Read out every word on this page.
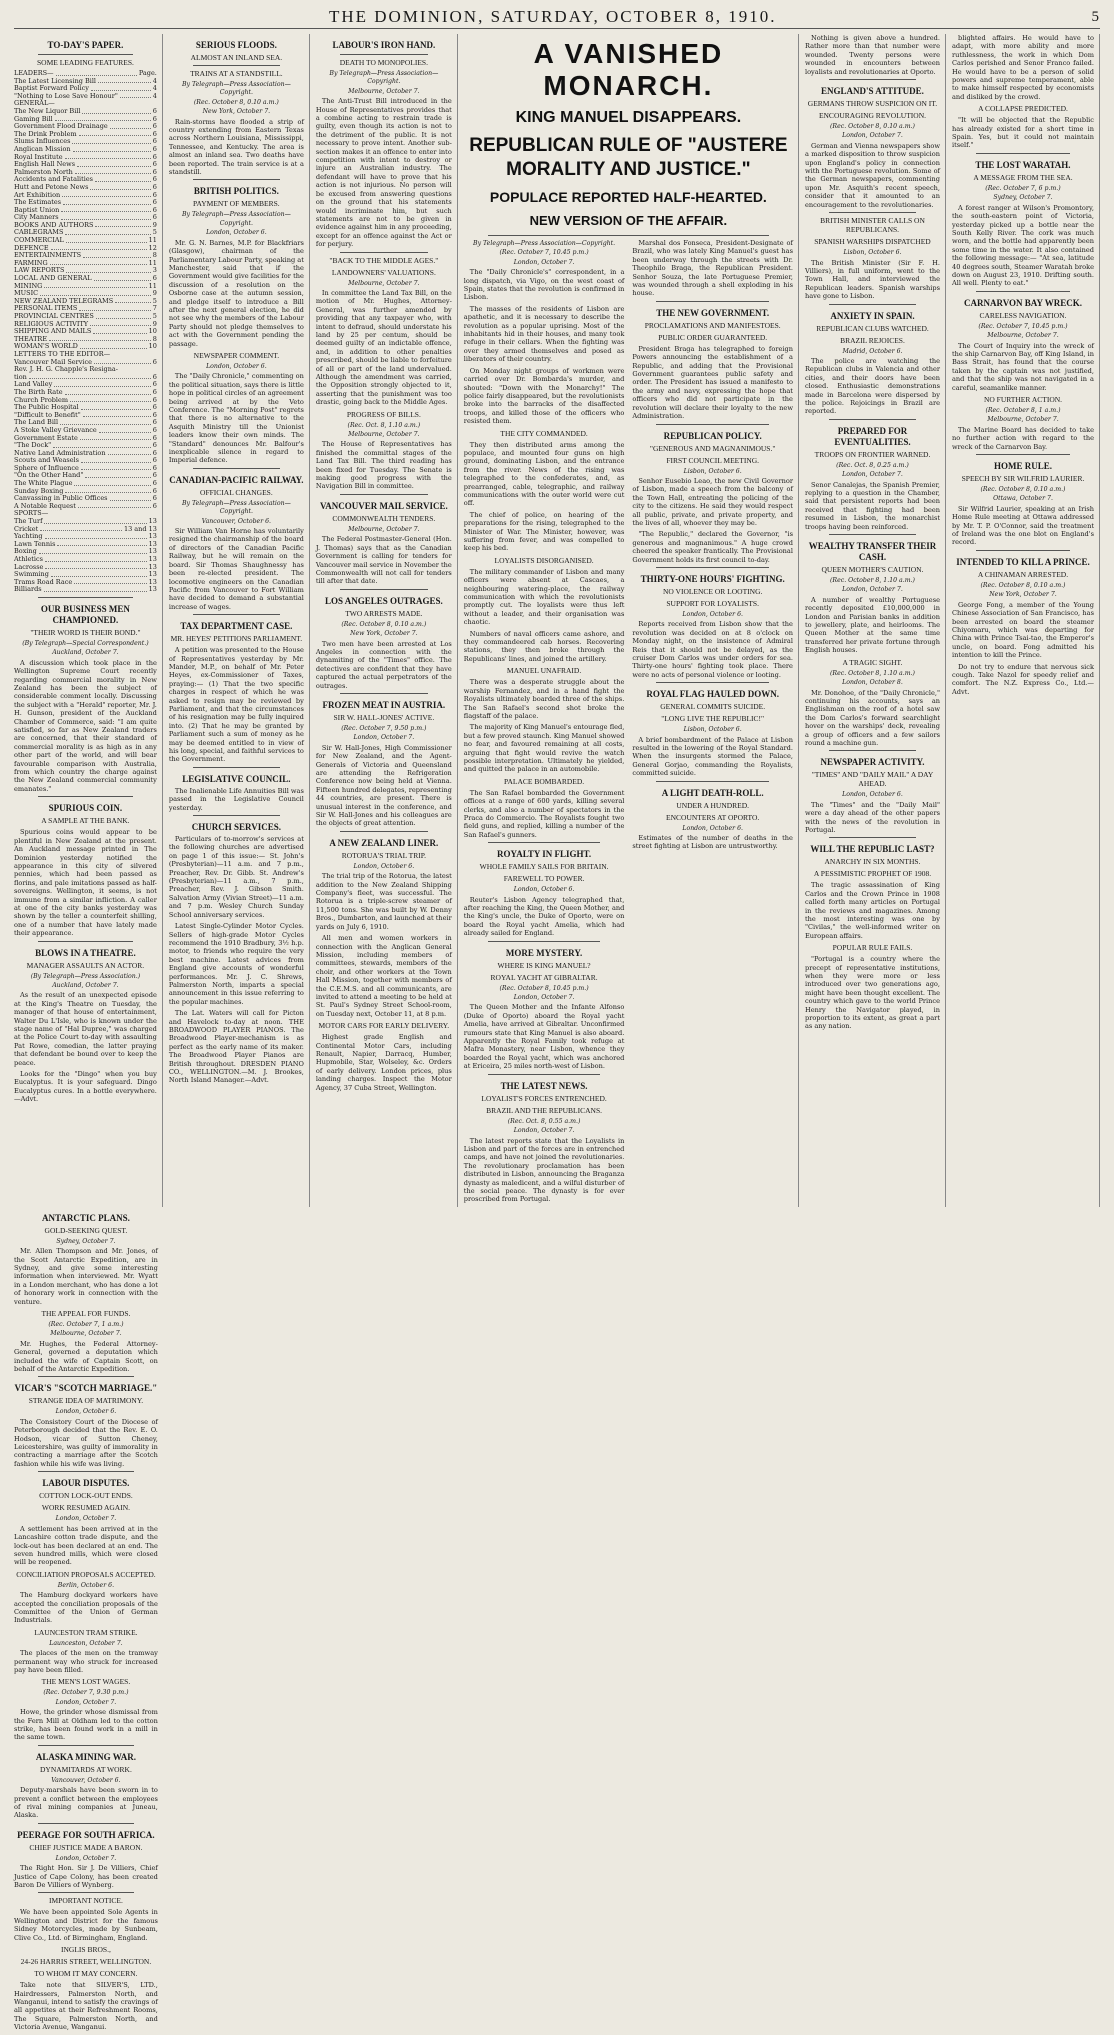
THE DOMINION, SATURDAY, OCTOBER 8, 1910.	5
TO-DAY'S PAPER.
SOME LEADING FEATURES.
LEADERS—	Page.
The Latest Licensing Bill	4
Baptist Forward Policy	4
"Nothing to Lose Save Honour"	4
GENERAL—
The New Liquor Bill	6
Gaming Bill	6
Government Flood Drainage	6
The Drink Problem	6
Slums Influences	6
Anglican Mission	6
Royal Institute	6
English Hall News	6
Palmerston North	6
Accidents and Fatalities	6
Hutt and Petone News	6
Art Exhibition	6
The Estimates	6
Baptist Union	6
City Manners	6
BOOKS AND AUTHORS	9
CABLEGRAMS	5
COMMERCIAL	11
DEFENCE	12
ENTERTAINMENTS	8
FARMING	11
LAW REPORTS	3
LOCAL AND GENERAL	6
MINING	11
MUSIC	9
NEW ZEALAND TELEGRAMS	5
PERSONAL ITEMS	7
PROVINCIAL CENTRES	5
RELIGIOUS ACTIVITY	9
SHIPPING AND MAILS	10
THEATRE	8
WOMAN'S WORLD	10
LETTERS TO THE EDITOR—
Vancouver Mail Service	6
Rev. J. H. G. Chapple's Resigna-
tion	6
Land Valley	6
The Birth Rate	6
Church Problem	6
The Public Hospital	6
"Difficult to Benefit"	6
The Land Bill	6
A Stoke Valley Grievance	6
Government Estate	6
"The Dock"	6
Native Land Administration	6
Scouts and Weasels	6
Sphere of Influence	6
"On the Other Hand"	6
The White Plague	6
Sunday Boxing	6
Canvassing in Public Offices	6
A Notable Request	6
SPORTS—
The Turf	13
Cricket	13 and 13
Yachting	13
Lawn Tennis	13
Boxing	13
Athletics	13
Lacrosse	13
Swimming	13
Trams Road Race	13
Billiards	13
OUR BUSINESS MEN CHAMPIONED.
"THEIR WORD IS THEIR BOND."
(By Telegraph—Special Correspondent.)
Auckland, October 7.

A discussion which took place in the Wellington Supreme Court recently regarding commercial morality in New Zealand has been the subject of considerable comment locally. Discussing the subject with a "Herald" reporter, Mr. J. H. Gunson, president of the Auckland Chamber of Commerce, said: "I am quite satisfied, so far as New Zealand traders are concerned, that their standard of commercial morality is as high as in any other part of the world, and will bear favourable comparison with Australia, from which country the charge against the New Zealand commercial community emanates."

SPURIOUS COIN.
A SAMPLE AT THE BANK.

Spurious coins would appear to be plentiful in New Zealand at the present. An Auckland message printed in The Dominion yesterday notified the appearance in this city of silvered pennies, which had been passed as florins, and pale imitations passed as half-sovereigns. Wellington, it seems, is not immune from a similar infliction. A caller at one of the city banks yesterday was shown by the teller a counterfeit shilling, one of a number that have lately made their appearance.

BLOWS IN A THEATRE.
MANAGER ASSAULTS AN ACTOR.
(By Telegraph—Press Association.)
Auckland, October 7.

As the result of an unexpected episode at the King's Theatre on Tuesday, the manager of that house of entertainment, Walter Du L'Isle, who is known under the stage name of "Hal Dupree," was charged at the Police Court to-day with assaulting Pat Rowe, comedian, the latter praying that defendant be bound over to keep the peace.

Looks for the "Dingo" when you buy Eucalyptus. It is your safeguard. Dingo Eucalyptus cures. In a bottle everywhere.—Advt.

SERIOUS FLOODS.
ALMOST AN INLAND SEA.
TRAINS AT A STANDSTILL.
By Telegraph—Press Association—Copyright.
(Rec. October 8, 0.10 a.m.)
New York, October 7.

Rain-storms have flooded a strip of country extending from Eastern Texas across Northern Louisiana, Mississippi, Tennessee, and Kentucky. The area is almost an inland sea. Two deaths have been reported. The train service is at a standstill.

BRITISH POLITICS.
PAYMENT OF MEMBERS.
By Telegraph—Press Association—Copyright.
London, October 6.

Mr. G. N. Barnes, M.P. for Blackfriars (Glasgow), chairman of the Parliamentary Labour Party, speaking at Manchester, said that if the Government would give facilities for the discussion of a resolution on the Osborne case at the autumn session, and pledge itself to introduce a Bill after the next general election, he did not see why the members of the Labour Party should not pledge themselves to act with the Government pending the passage.

NEWSPAPER COMMENT.
London, October 6.

The "Daily Chronicle," commenting on the political situation, says there is little hope in political circles of an agreement being arrived at by the Veto Conference. The "Morning Post" regrets that there is no alternative to the Asquith Ministry till the Unionist leaders know their own minds. The "Standard" denounces Mr. Balfour's inexplicable silence in regard to Imperial defence.

CANADIAN-PACIFIC RAILWAY.
OFFICIAL CHANGES.
By Telegraph—Press Association—Copyright.
Vancouver, October 6.

Sir William Van Horne has voluntarily resigned the chairmanship of the board of directors of the Canadian Pacific Railway, but he will remain on the board. Sir Thomas Shaughnessy has been re-elected president. The locomotive engineers on the Canadian Pacific from Vancouver to Fort William have decided to demand a substantial increase of wages.

TAX DEPARTMENT CASE.
MR. HEYES' PETITIONS PARLIAMENT.

A petition was presented to the House of Representatives yesterday by Mr. Mander, M.P., on behalf of Mr. Peter Heyes, ex-Commissioner of Taxes, praying:— (1) That the two specific charges in respect of which he was asked to resign may be reviewed by Parliament, and that the circumstances of his resignation may be fully inquired into. (2) That he may be granted by Parliament such a sum of money as he may be deemed entitled to in view of his long, special, and faithful services to the Government.

LEGISLATIVE COUNCIL.

The Inalienable Life Annuities Bill was passed in the Legislative Council yesterday.

CHURCH SERVICES.

Particulars of to-morrow's services at the following churches are advertised on page 1 of this issue:— St. John's (Presbyterian)—11 a.m. and 7 p.m., Preacher, Rev. Dr. Gibb. St. Andrew's (Presbyterian)—11 a.m., 7 p.m., Preacher, Rev. J. Gibson Smith. Salvation Army (Vivian Street)—11 a.m. and 7 p.m. Wesley Church Sunday School anniversary services.

Latest Single-Cylinder Motor Cycles. Sellers of high-grade Motor Cycles recommend the 1910 Bradbury, 3½ h.p. motor, to friends who require the very best machine. Latest advices from England give accounts of wonderful performances. Mr. J. C. Shrews, Palmerston North, imparts a special announcement in this issue referring to the popular machines.

The Lat. Waters will call for Picton and Havelock to-day at noon. THE BROADWOOD PLAYER PIANOS. The Broadwood Player-mechanism is as perfect as the early name of its maker. The Broadwood Player Pianos are British throughout. DRESDEN PIANO CO., WELLINGTON.—M. J. Brookes, North Island Manager.—Advt.

LABOUR'S IRON HAND.
DEATH TO MONOPOLIES.
By Telegraph—Press Association—Copyright.
Melbourne, October 7.

The Anti-Trust Bill introduced in the House of Representatives provides that a combine acting to restrain trade is guilty, even though its action is not to the detriment of the public. It is not necessary to prove intent. Another sub-section makes it an offence to enter into competition with intent to destroy or injure an Australian industry. The defendant will have to prove that his action is not injurious. No person will be excused from answering questions on the ground that his statements would incriminate him, but such statements are not to be given in evidence against him in any proceeding, except for an offence against the Act or for perjury.

"BACK TO THE MIDDLE AGES."
LANDOWNERS' VALUATIONS.
Melbourne, October 7.

In committee the Land Tax Bill, on the motion of Mr. Hughes, Attorney-General, was further amended by providing that any taxpayer who, with intent to defraud, should understate his land by 25 per centum, should be deemed guilty of an indictable offence, and, in addition to other penalties prescribed, should be liable to forfeiture of all or part of the land undervalued. Although the amendment was carried, the Opposition strongly objected to it, asserting that the punishment was too drastic, going back to the Middle Ages.

PROGRESS OF BILLS.
(Rec. Oct. 8, 1.10 a.m.)
Melbourne, October 7.

The House of Representatives has finished the committal stages of the Land Tax Bill. The third reading has been fixed for Tuesday. The Senate is making good progress with the Navigation Bill in committee.

VANCOUVER MAIL SERVICE.
COMMONWEALTH TENDERS.
Melbourne, October 7.

The Federal Postmaster-General (Hon. J. Thomas) says that as the Canadian Government is calling for tenders for Vancouver mail service in November the Commonwealth will not call for tenders till after that date.

LOS ANGELES OUTRAGES.
TWO ARRESTS MADE.
(Rec. October 8, 0.10 a.m.)
New York, October 7.

Two men have been arrested at Los Angeles in connection with the dynamiting of the "Times" office. The detectives are confident that they have captured the actual perpetrators of the outrages.

FROZEN MEAT IN AUSTRIA.
SIR W. HALL-JONES' ACTIVE.
(Rec. October 7, 9.50 p.m.)
London, October 7.

Sir W. Hall-Jones, High Commissioner for New Zealand, and the Agent-Generals of Victoria and Queensland are attending the Refrigeration Conference now being held at Vienna. Fifteen hundred delegates, representing 44 countries, are present. There is unusual interest in the conference, and Sir W. Hall-Jones and his colleagues are the objects of great attention.

A NEW ZEALAND LINER.
ROTORUA'S TRIAL TRIP.
London, October 6.

The trial trip of the Rotorua, the latest addition to the New Zealand Shipping Company's fleet, was successful. The Rotorua is a triple-screw steamer of 11,500 tons. She was built by W. Denny Bros., Dumbarton, and launched at their yards on July 6, 1910.

All men and women workers in connection with the Anglican General Mission, including members of committees, stewards, members of the choir, and other workers at the Town Hall Mission, together with members of the C.E.M.S. and all communicants, are invited to attend a meeting to be held at St. Paul's Sydney Street School-room, on Tuesday next, October 11, at 8 p.m.

MOTOR CARS FOR EARLY DELIVERY.

Highest grade English and Continental Motor Cars, including Renault, Napier, Darracq, Humber, Hupmobile, Star, Wolseley, &c. Orders of early delivery. London prices, plus landing charges. Inspect the Motor Agency, 37 Cuba Street, Wellington.

A VANISHED MONARCH.
KING MANUEL DISAPPEARS.
REPUBLICAN RULE OF "AUSTERE MORALITY AND JUSTICE."
POPULACE REPORTED HALF-HEARTED.
NEW VERSION OF THE AFFAIR.
By Telegraph—Press Association—Copyright.
(Rec. October 7, 10.45 p.m.)
London, October 7.

The "Daily Chronicle's" correspondent, in a long dispatch, via Vigo, on the west coast of Spain, states that the revolution is confirmed in Lisbon.

The masses of the residents of Lisbon are apathetic, and it is necessary to describe the revolution as a popular uprising. Most of the inhabitants hid in their houses, and many took refuge in their cellars. When the fighting was over they armed themselves and posed as liberators of their country.

On Monday night groups of workmen were carried over Dr. Bombarda's murder, and shouted: "Down with the Monarchy!" The police fairly disappeared, but the revolutionists broke into the barracks of the disaffected troops, and killed those of the officers who resisted them.

THE CITY COMMANDED.

They then distributed arms among the populace, and mounted four guns on high ground, dominating Lisbon, and the entrance from the river. News of the rising was telegraphed to the confederates, and, as prearranged, cable, telegraphic, and railway communications with the outer world were cut off.

The chief of police, on hearing of the preparations for the rising, telegraphed to the Minister of War. The Minister, however, was suffering from fever, and was compelled to keep his bed.

LOYALISTS DISORGANISED.

The military commander of Lisbon and many officers were absent at Cascaes, a neighbouring watering-place, the railway communication with which the revolutionists promptly cut. The loyalists were thus left without a leader, and their organisation was chaotic.

Numbers of naval officers came ashore, and they commandeered cab horses. Recovering stations, they then broke through the Republicans' lines, and joined the artillery.

MANUEL UNAFRAID.

There was a desperate struggle about the warship Fernandez, and in a hand fight the Royalists ultimately boarded three of the ships. The San Rafael's second shot broke the flagstaff of the palace.

The majority of King Manuel's entourage fled, but a few proved staunch. King Manuel showed no fear, and favoured remaining at all costs, arguing that fight would revive the watch possible interpretation. Ultimately he yielded, and quitted the palace in an automobile.

PALACE BOMBARDED.

The San Rafael bombarded the Government offices at a range of 600 yards, killing several clerks, and also a number of spectators in the Praca do Commercio. The Royalists fought two field guns, and replied, killing a number of the San Rafael's gunners.

ROYALTY IN FLIGHT.
WHOLE FAMILY SAILS FOR BRITAIN.
FAREWELL TO POWER.
London, October 6.

Reuter's Lisbon Agency telegraphed that, after reaching the King, the Queen Mother, and the King's uncle, the Duke of Oporto, were on board the Royal yacht Amelia, which had already sailed for England.

MORE MYSTERY.
WHERE IS KING MANUEL?
ROYAL YACHT AT GIBRALTAR.
(Rec. October 8, 10.45 p.m.)
London, October 7.

The Queen Mother and the Infante Alfonso (Duke of Oporto) aboard the Royal yacht Amelia, have arrived at Gibraltar. Unconfirmed rumours state that King Manuel is also aboard. Apparently the Royal Family took refuge at Mafra Monastery, near Lisbon, whence they boarded the Royal yacht, which was anchored at Ericeira, 25 miles north-west of Lisbon.

THE LATEST NEWS.
LOYALIST'S FORCES ENTRENCHED.
BRAZIL AND THE REPUBLICANS.
(Rec. Oct. 8, 0.55 a.m.)
London, October 7.

The latest reports state that the Loyalists in Lisbon and part of the forces are in entrenched camps, and have not joined the revolutionaries. The revolutionary proclamation has been distributed in Lisbon, announcing the Braganza dynasty as maledicent, and a wilful disturber of the social peace. The dynasty is for ever proscribed from Portugal.

Marshal dos Fonseca, President-Designate of Brazil, who was lately King Manuel's guest has been underway through the streets with Dr. Theophilo Braga, the Republican President. Senhor Souza, the late Portuguese Premier, was wounded through a shell exploding in his house.

THE NEW GOVERNMENT.
PROCLAMATIONS AND MANIFESTOES.
PUBLIC ORDER GUARANTEED.

President Braga has telegraphed to foreign Powers announcing the establishment of a Republic, and adding that the Provisional Government guarantees public safety and order. The President has issued a manifesto to the army and navy, expressing the hope that officers who did not participate in the revolution will declare their loyalty to the new Administration.

REPUBLICAN POLICY.
"GENEROUS AND MAGNANIMOUS."
FIRST COUNCIL MEETING.
Lisbon, October 6.

Senhor Eusebio Leao, the new Civil Governor of Lisbon, made a speech from the balcony of the Town Hall, entreating the policing of the city to the citizens. He said they would respect all public, private, and private property, and the lives of all, whoever they may be.

"The Republic," declared the Governor, "is generous and magnanimous." A huge crowd cheered the speaker frantically. The Provisional Government holds its first council to-day.

THIRTY-ONE HOURS' FIGHTING.
NO VIOLENCE OR LOOTING.
SUPPORT FOR LOYALISTS.
London, October 6.

Reports received from Lisbon show that the revolution was decided on at 8 o'clock on Monday night, on the insistence of Admiral Reis that it should not be delayed, as the cruiser Dom Carlos was under orders for sea. Thirty-one hours' fighting took place. There were no acts of personal violence or looting.

ROYAL FLAG HAULED DOWN.
GENERAL COMMITS SUICIDE.
"LONG LIVE THE REPUBLIC!"
Lisbon, October 6.

A brief bombardment of the Palace at Lisbon resulted in the lowering of the Royal Standard. When the insurgents stormed the Palace, General Gorjao, commanding the Royalists, committed suicide.

A LIGHT DEATH-ROLL.
UNDER A HUNDRED.
ENCOUNTERS AT OPORTO.
London, October 6.

Estimates of the number of deaths in the street fighting at Lisbon are untrustworthy.

Nothing is given above a hundred. Rather more than that number were wounded. Twenty persons were wounded in encounters between loyalists and revolutionaries at Oporto.

ENGLAND'S ATTITUDE.
GERMANS THROW SUSPICION ON IT.
ENCOURAGING REVOLUTION.
(Rec. October 8, 0.10 a.m.)
London, October 7.

German and Vienna newspapers show a marked disposition to throw suspicion upon England's policy in connection with the Portuguese revolution. Some of the German newspapers, commenting upon Mr. Asquith's recent speech, consider that it amounted to an encouragement to the revolutionaries.

BRITISH MINISTER CALLS ON REPUBLICANS.
SPANISH WARSHIPS DISPATCHED
Lisbon, October 6.

The British Minister (Sir F. H. Villiers), in full uniform, went to the Town Hall, and interviewed the Republican leaders. Spanish warships have gone to Lisbon.

ANXIETY IN SPAIN.
REPUBLICAN CLUBS WATCHED.
BRAZIL REJOICES.
Madrid, October 6.

The police are watching the Republican clubs in Valencia and other cities, and their doors have been closed. Enthusiastic demonstrations made in Barcelona were dispersed by the police. Rejoicings in Brazil are reported.

PREPARED FOR EVENTUALITIES.
TROOPS ON FRONTIER WARNED.
(Rec. Oct. 8, 0.25 a.m.)
London, October 7.

Senor Canalejas, the Spanish Premier, replying to a question in the Chamber, said that persistent reports had been received that fighting had been resumed in Lisbon, the monarchist troops having been reinforced.

WEALTHY TRANSFER THEIR CASH.
QUEEN MOTHER'S CAUTION.
(Rec. October 8, 1.10 a.m.)
London, October 7.

A number of wealthy Portuguese recently deposited £10,000,000 in London and Parisian banks in addition to jewellery, plate, and heirlooms. The Queen Mother at the same time transferred her private fortune through English houses.

A TRAGIC SIGHT.
(Rec. October 8, 1.10 a.m.)
London, October 8.

Mr. Donohoe, of the "Daily Chronicle," continuing his accounts, says an Englishman on the roof of a hotel saw the Dom Carlos's forward searchlight hover on the warships' deck, revealing a group of officers and a few sailors round a machine gun.

NEWSPAPER ACTIVITY.
"TIMES" AND "DAILY MAIL" A DAY AHEAD.
London, October 6.

The "Times" and the "Daily Mail" were a day ahead of the other papers with the news of the revolution in Portugal.

WILL THE REPUBLIC LAST?
ANARCHY IN SIX MONTHS.
A PESSIMISTIC PROPHET OF 1908.

The tragic assassination of King Carlos and the Crown Prince in 1908 called forth many articles on Portugal in the reviews and magazines. Among the most interesting was one by "Civilas," the well-informed writer on European affairs.

POPULAR RULE FAILS.

"Portugal is a country where the precept of representative institutions, when they were more or less introduced over two generations ago, might have been thought excellent. The country which gave to the world Prince Henry the Navigator played, in proportion to its extent, as great a part as any nation.

blighted affairs. He would have to adapt, with more ability and more ruthlessness, the work in which Dom Carlos perished and Senor Franco failed. He would have to be a person of solid powers and supreme temperament, able to make himself respected by economists and disliked by the crowd.

A COLLAPSE PREDICTED.

"It will be objected that the Republic has already existed for a short time in Spain. Yes, but it could not maintain itself."

THE LOST WARATAH.
A MESSAGE FROM THE SEA.
(Rec. October 7, 6 p.m.)
Sydney, October 7.

A forest ranger at Wilson's Promontory, the south-eastern point of Victoria, yesterday picked up a bottle near the South Kelly River. The cork was much worn, and the bottle had apparently been some time in the water. It also contained the following message:— "At sea, latitude 40 degrees south, Steamer Waratah broke down on August 23, 1910. Drifting south. All well. Plenty to eat."

CARNARVON BAY WRECK.
CARELESS NAVIGATION.
(Rec. October 7, 10.45 p.m.)
Melbourne, October 7.

The Court of Inquiry into the wreck of the ship Carnarvon Bay, off King Island, in Bass Strait, has found that the course taken by the captain was not justified, and that the ship was not navigated in a careful, seamanlike manner.

NO FURTHER ACTION.
(Rec. October 8, 1 a.m.)
Melbourne, October 7.

The Marine Board has decided to take no further action with regard to the wreck of the Carnarvon Bay.

HOME RULE.
SPEECH BY SIR WILFRID LAURIER.
(Rec. October 8, 0.10 a.m.)
Ottawa, October 7.

Sir Wilfrid Laurier, speaking at an Irish Home Rule meeting at Ottawa addressed by Mr. T. P. O'Connor, said the treatment of Ireland was the one blot on England's record.

INTENDED TO KILL A PRINCE.
A CHINAMAN ARRESTED.
(Rec. October 8, 0.10 a.m.)
New York, October 7.

George Fong, a member of the Young Chinese Association of San Francisco, has been arrested on board the steamer Chiyomaru, which was departing for China with Prince Tsai-tao, the Emperor's uncle, on board. Fong admitted his intention to kill the Prince.

Do not try to endure that nervous sick cough. Take Nazol for speedy relief and comfort. The N.Z. Express Co., Ltd.—Advt.

ANTARCTIC PLANS.
GOLD-SEEKING QUEST.
Sydney, October 7.

Mr. Allen Thompson and Mr. Jones, of the Scott Antarctic Expedition, are in Sydney, and give some interesting information when interviewed. Mr. Wyatt in a London merchant, who has done a lot of honorary work in connection with the venture.

THE APPEAL FOR FUNDS.
(Rec. October 7, 1 a.m.)
Melbourne, October 7.

Mr. Hughes, the Federal Attorney-General, governed a deputation which included the wife of Captain Scott, on behalf of the Antarctic Expedition.

VICAR'S "SCOTCH MARRIAGE."
STRANGE IDEA OF MATRIMONY.
London, October 6.

The Consistory Court of the Diocese of Peterborough decided that the Rev. E. O. Hodson, vicar of Sutton Cheney, Leicestershire, was guilty of immorality in contracting a marriage after the Scotch fashion while his wife was living.

LABOUR DISPUTES.
COTTON LOCK-OUT ENDS.
WORK RESUMED AGAIN.
London, October 7.

A settlement has been arrived at in the Lancashire cotton trade dispute, and the lock-out has been declared at an end. The seven hundred mills, which were closed will be reopened.

CONCILIATION PROPOSALS ACCEPTED.
Berlin, October 6.

The Hamburg dockyard workers have accepted the conciliation proposals of the Committee of the Union of German Industrials.

LAUNCESTON TRAM STRIKE.
Launceston, October 7.

The places of the men on the tramway permanent way who struck for increased pay have been filled.

THE MEN'S LOST WAGES.
(Rec. October 7, 9.30 p.m.)
London, October 7.

Howe, the grinder whose dismissal from the Fern Mill at Oldham led to the cotton strike, has been found work in a mill in the same town.

ALASKA MINING WAR.
DYNAMITARDS AT WORK.
Vancouver, October 6.

Deputy-marshals have been sworn in to prevent a conflict between the employees of rival mining companies at Juneau, Alaska.

PEERAGE FOR SOUTH AFRICA.
CHIEF JUSTICE MADE A BARON.
London, October 7.

The Right Hon. Sir J. De Villiers, Chief Justice of Cape Colony, has been created Baron De Villiers of Wynberg.

IMPORTANT NOTICE.

We have been appointed Sole Agents in Wellington and District for the famous Sidney Motorcycles, made by Sunbeam, Clive Co., Ltd. of Birmingham, England.

INGLIS BROS.,
24-26 HARRIS STREET, WELLINGTON.
TO WHOM IT MAY CONCERN.

Take note that SILVER'S, LTD., Hairdressers, Palmerston North, and Wanganui, intend to satisfy the cravings of all appetites at their Refreshment Rooms, The Square, Palmerston North, and Victoria Avenue, Wanganui.
